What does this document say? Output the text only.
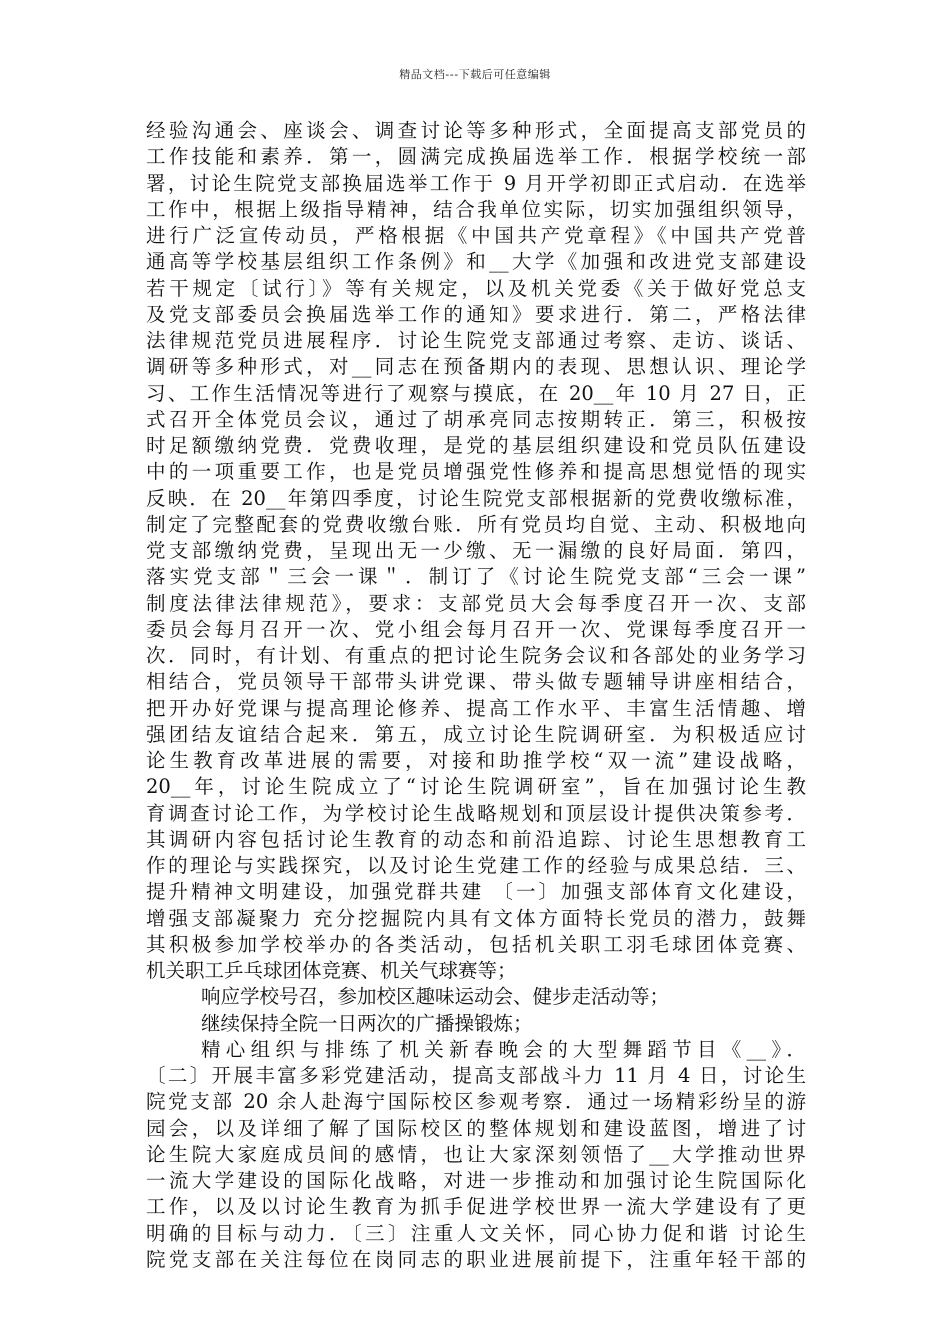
精品文档---下载后可任意编辑
经验沟通会、座谈会、调查讨论等多种形式，全面提高支部党员的
工作技能和素养．第一，圆满完成换届选举工作．根据学校统一部
署，讨论生院党支部换届选举工作于 9 月开学初即正式启动．在选举
工作中，根据上级指导精神，结合我单位实际，切实加强组织领导，
进行广泛宣传动员，严格根据《中国共产党章程》《中国共产党普
通高等学校基层组织工作条例》和__大学《加强和改进党支部建设
若干规定〔试行〕》等有关规定，以及机关党委《关于做好党总支
及党支部委员会换届选举工作的通知》要求进行．第二，严格法律
法律规范党员进展程序．讨论生院党支部通过考察、走访、谈话、
调研等多种形式，对__同志在预备期内的表现、思想认识、理论学
习、工作生活情况等进行了观察与摸底，在 20__年 10 月 27 日，正
式召开全体党员会议，通过了胡承亮同志按期转正．第三，积极按
时足额缴纳党费．党费收理，是党的基层组织建设和党员队伍建设
中的一项重要工作，也是党员增强党性修养和提高思想觉悟的现实
反映．在 20__年第四季度，讨论生院党支部根据新的党费收缴标准，
制定了完整配套的党费收缴台账．所有党员均自觉、主动、积极地向
党支部缴纳党费，呈现出无一少缴、无一漏缴的良好局面．第四，
落实党支部＂三会一课＂．制订了《讨论生院党支部“三会一课”
制度法律法律规范》，要求：支部党员大会每季度召开一次、支部
委员会每月召开一次、党小组会每月召开一次、党课每季度召开一
次．同时，有计划、有重点的把讨论生院务会议和各部处的业务学习
相结合，党员领导干部带头讲党课、带头做专题辅导讲座相结合，
把开办好党课与提高理论修养、提高工作水平、丰富生活情趣、增
强团结友谊结合起来．第五，成立讨论生院调研室．为积极适应讨
论生教育改革进展的需要，对接和助推学校“双一流”建设战略，
20__年，讨论生院成立了“讨论生院调研室”，旨在加强讨论生教
育调查讨论工作，为学校讨论生战略规划和顶层设计提供决策参考．
其调研内容包括讨论生教育的动态和前沿追踪、讨论生思想教育工
作的理论与实践探究，以及讨论生党建工作的经验与成果总结．三、
提升精神文明建设，加强党群共建 〔一〕加强支部体育文化建设，
增强支部凝聚力 充分挖掘院内具有文体方面特长党员的潜力，鼓舞
其积极参加学校举办的各类活动，包括机关职工羽毛球团体竞赛、
机关职工乒乓球团体竞赛、机关气球赛等；
响应学校号召，参加校区趣味运动会、健步走活动等；
继续保持全院一日两次的广播操锻炼；
精心组织与排练了机关新春晚会的大型舞蹈节目《__》．
〔二〕开展丰富多彩党建活动，提高支部战斗力 11 月 4 日，讨论生
院党支部 20 余人赴海宁国际校区参观考察．通过一场精彩纷呈的游
园会，以及详细了解了国际校区的整体规划和建设蓝图，增进了讨
论生院大家庭成员间的感情，也让大家深刻领悟了__大学推动世界
一流大学建设的国际化战略，对进一步推动和加强讨论生院国际化
工作，以及以讨论生教育为抓手促进学校世界一流大学建设有了更
明确的目标与动力．〔三〕注重人文关怀，同心协力促和谐 讨论生
院党支部在关注每位在岗同志的职业进展前提下，注重年轻干部的
